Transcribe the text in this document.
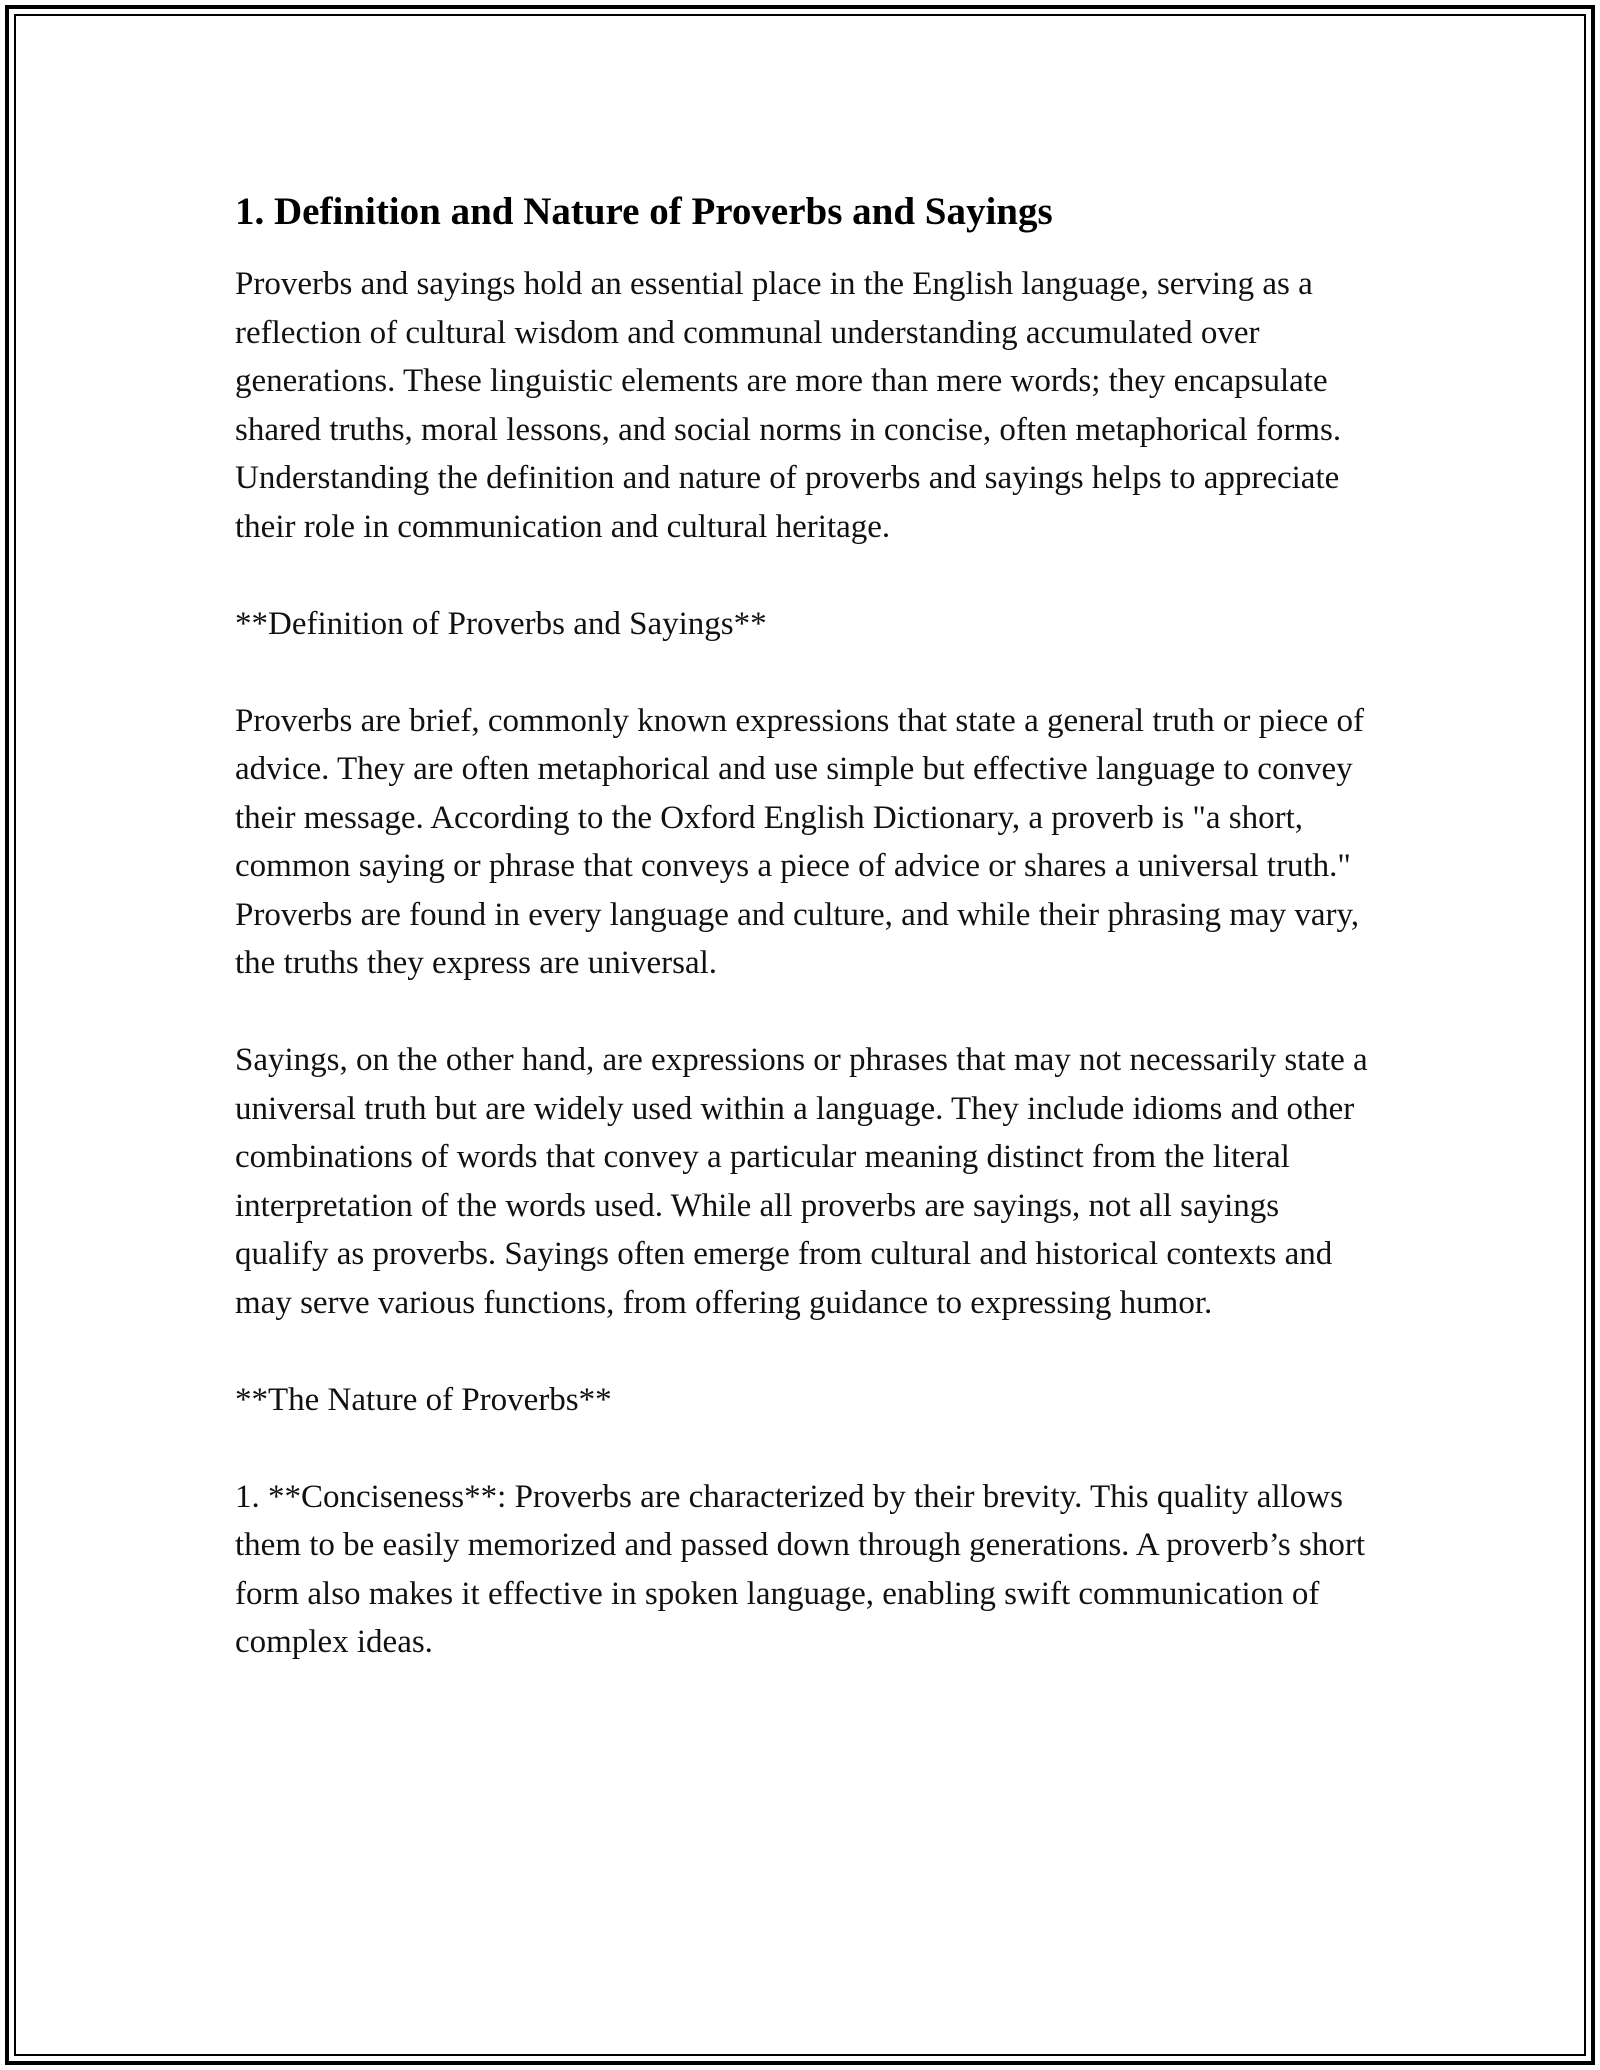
1. Definition and Nature of Proverbs and Sayings

Proverbs and sayings hold an essential place in the English language, serving as a reflection of cultural wisdom and communal understanding accumulated over generations. These linguistic elements are more than mere words; they encapsulate shared truths, moral lessons, and social norms in concise, often metaphorical forms. Understanding the definition and nature of proverbs and sayings helps to appreciate their role in communication and cultural heritage.

**Definition of Proverbs and Sayings**

Proverbs are brief, commonly known expressions that state a general truth or piece of advice. They are often metaphorical and use simple but effective language to convey their message. According to the Oxford English Dictionary, a proverb is "a short, common saying or phrase that conveys a piece of advice or shares a universal truth." Proverbs are found in every language and culture, and while their phrasing may vary, the truths they express are universal.

Sayings, on the other hand, are expressions or phrases that may not necessarily state a universal truth but are widely used within a language. They include idioms and other combinations of words that convey a particular meaning distinct from the literal interpretation of the words used. While all proverbs are sayings, not all sayings qualify as proverbs. Sayings often emerge from cultural and historical contexts and may serve various functions, from offering guidance to expressing humor.

**The Nature of Proverbs**

1. **Conciseness**: Proverbs are characterized by their brevity. This quality allows them to be easily memorized and passed down through generations. A proverb’s short form also makes it effective in spoken language, enabling swift communication of complex ideas.
